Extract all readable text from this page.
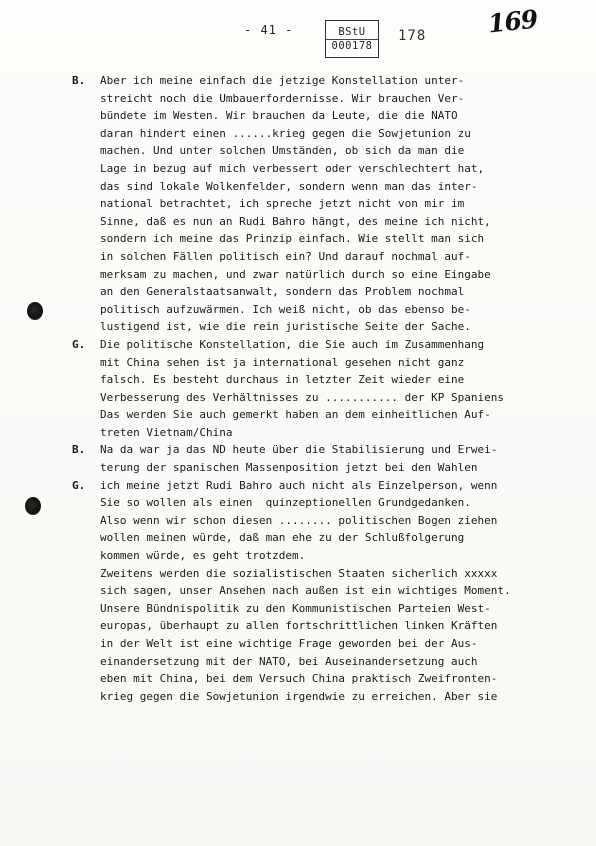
- 41 -	BStU
000178
178 169
B.	Aber ich meine einfach die jetzige Konstellation unter-
streicht noch die Umbauerfordernisse. Wir brauchen Ver-
bündete im Westen. Wir brauchen da Leute, die die NATO
daran hindert einen ......krieg gegen die Sowjetunion zu
machen. Und unter solchen Umständen, ob sich da man die
Lage in bezug auf mich verbessert oder verschlechtert hat,
das sind lokale Wolkenfelder, sondern wenn man das inter-
national betrachtet, ich spreche jetzt nicht von mir im
Sinne, daß es nun an Rudi Bahro hängt, des meine ich nicht,
sondern ich meine das Prinzip einfach. Wie stellt man sich
in solchen Fällen politisch ein? Und darauf nochmal auf-
merksam zu machen, und zwar natürlich durch so eine Eingabe
an den Generalstaatsanwalt, sondern das Problem nochmal
politisch aufzuwärmen. Ich weiß nicht, ob das ebenso be-
lustigend ist, wie die rein juristische Seite der Sache.
G.	Die politische Konstellation, die Sie auch im Zusammenhang
mit China sehen ist ja international gesehen nicht ganz
falsch. Es besteht durchaus in letzter Zeit wieder eine
Verbesserung des Verhältnisses zu ........... der KP Spaniens
Das werden Sie auch gemerkt haben an dem einheitlichen Auf-
treten Vietnam/China
B.	Na da war ja das ND heute über die Stabilisierung und Erwei-
terung der spanischen Massenposition jetzt bei den Wahlen
G.	ich meine jetzt Rudi Bahro auch nicht als Einzelperson, wenn
Sie so wollen als einen  quinzeptionellen Grundgedanken.
Also wenn wir schon diesen ........ politischen Bogen ziehen
wollen meinen würde, daß man ehe zu der Schlußfolgerung
kommen würde, es geht trotzdem.
Zweitens werden die sozialistischen Staaten sicherlich xxxxx
sich sagen, unser Ansehen nach außen ist ein wichtiges Moment.
Unsere Bündnispolitik zu den Kommunistischen Parteien West-
europas, überhaupt zu allen fortschrittlichen linken Kräften
in der Welt ist eine wichtige Frage geworden bei der Aus-
einandersetzung mit der NATO, bei Auseinandersetzung auch
eben mit China, bei dem Versuch China praktisch Zweifronten-
krieg gegen die Sowjetunion irgendwie zu erreichen. Aber sie
